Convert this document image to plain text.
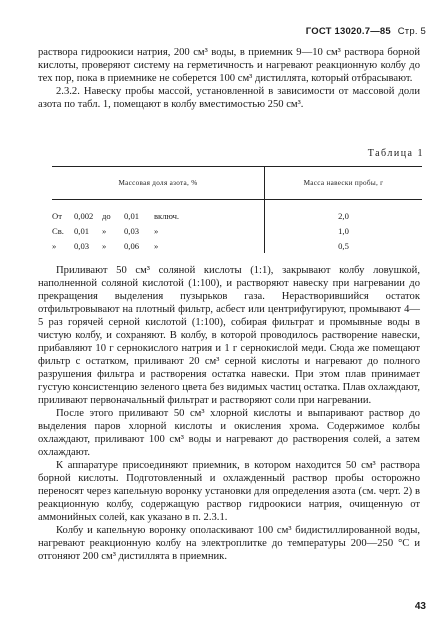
ГОСТ 13020.7—85 Стр. 5

раствора гидроокиси натрия, 200 см³ воды, в приемник 9—10 см³ раствора борной кислоты, проверяют систему на герметичность и нагревают реакционную колбу до тех пор, пока в приемнике не соберется 100 см³ дистиллята, который отбрасывают.

2.3.2. Навеску пробы массой, установленной в зависимости от массовой доли азота по табл. 1, помещают в колбу вместимостью 250 см³.

Таблица 1
Массовая доля азота, %	Масса навески пробы, г
От 0,002 до 0,01 включ.	2,0
Св. 0,01 » 0,03 »	1,0
» 0,03 » 0,06 »	0,5

Приливают 50 см³ соляной кислоты (1:1), закрывают колбу ловушкой, наполненной соляной кислотой (1:100), и растворяют навеску при нагревании до прекращения выделения пузырьков газа. Нерастворившийся остаток отфильтровывают на плотный фильтр, асбест или центрифугируют, промывают 4—5 раз горячей серной кислотой (1:100), собирая фильтрат и промывные воды в чистую колбу, и сохраняют. В колбу, в которой проводилось растворение навески, прибавляют 10 г сернокислого натрия и 1 г сернокислой меди. Сюда же помещают фильтр с остатком, приливают 20 см³ серной кислоты и нагревают до полного разрушения фильтра и растворения остатка навески. При этом плав принимает густую консистенцию зеленого цвета без видимых частиц остатка. Плав охлаждают, приливают первоначальный фильтрат и растворяют соли при нагревании.

После этого приливают 50 см³ хлорной кислоты и выпаривают раствор до выделения паров хлорной кислоты и окисления хрома. Содержимое колбы охлаждают, приливают 100 см³ воды и нагревают до растворения солей, а затем охлаждают.

К аппаратуре присоединяют приемник, в котором находится 50 см³ раствора борной кислоты. Подготовленный и охлажденный раствор пробы осторожно переносят через капельную воронку установки для определения азота (см. черт. 2) в реакционную колбу, содержащую раствор гидроокиси натрия, очищенную от аммонийных солей, как указано в п. 2.3.1.

Колбу и капельную воронку ополаскивают 100 см³ бидистиллированной воды, нагревают реакционную колбу на электроплитке до температуры 200—250 °С и отгоняют 200 см³ дистиллята в приемник.

43
